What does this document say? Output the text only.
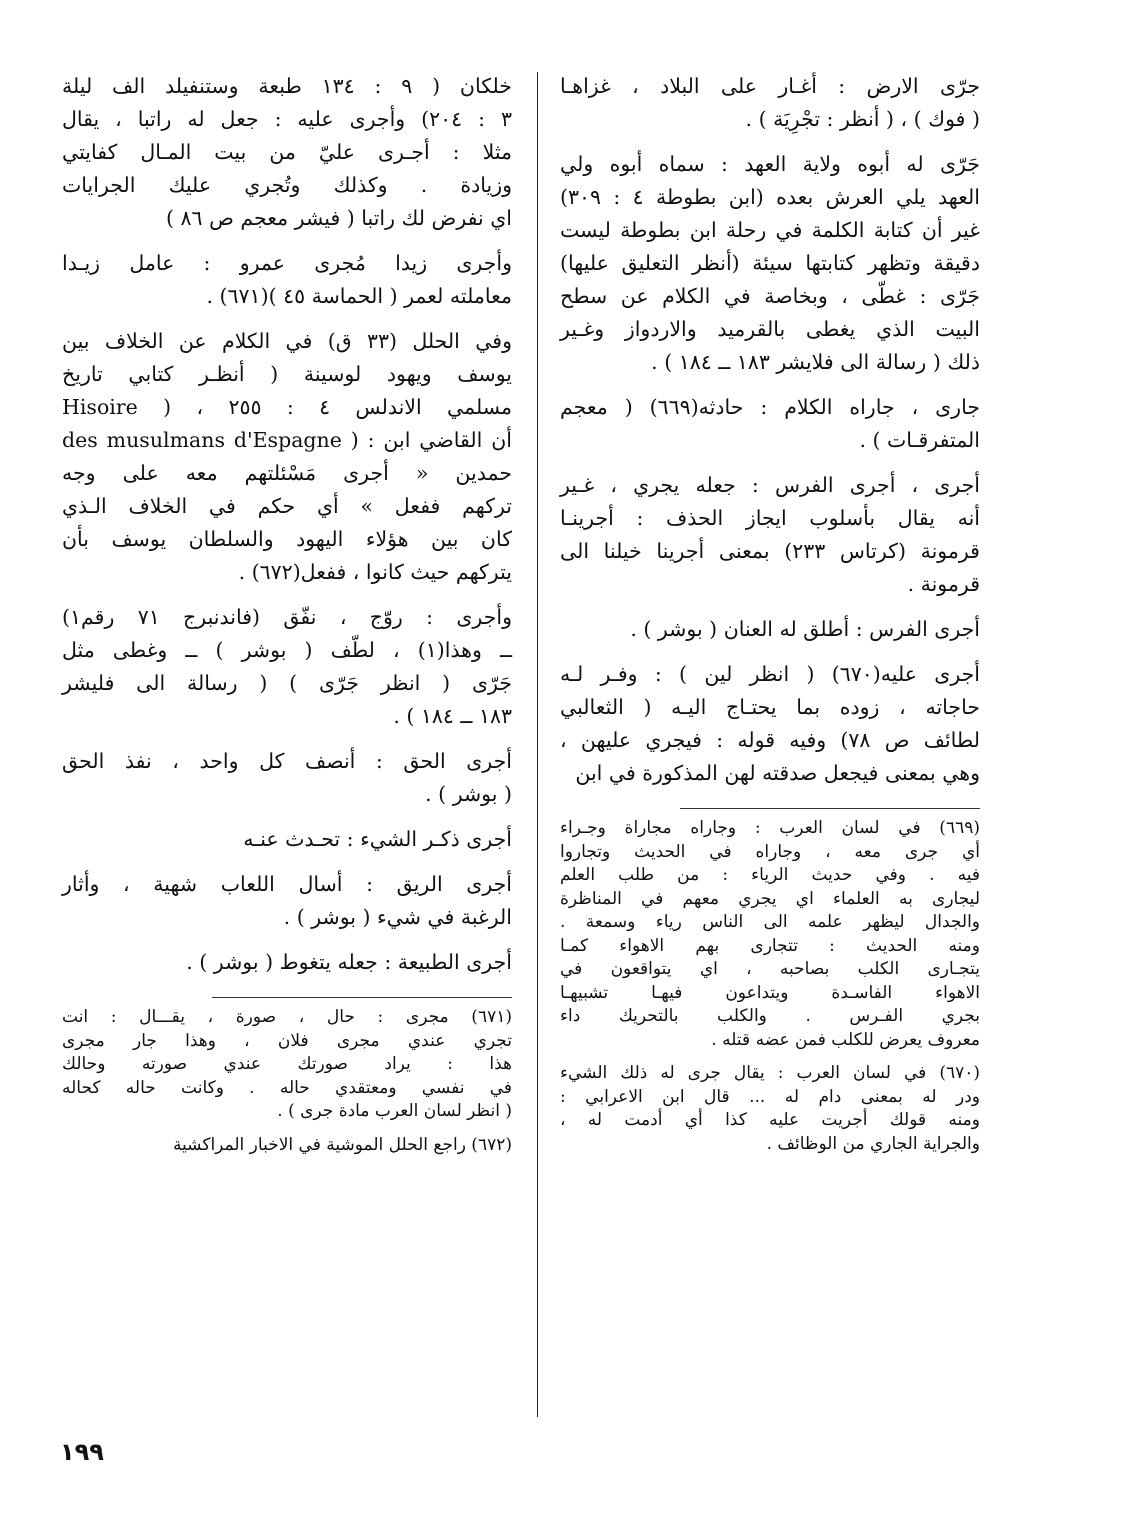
جرّى الارض : أغـار على البلاد ، غزاهـا
( فوك ) ، ( أنظر : تجْرِيَة ) .
جَرّى له أبوه ولاية العهد : سماه أبوه ولي
العهد يلي العرش بعده (ابن بطوطة ٤ : ٣٠٩)
غير أن كتابة الكلمة في رحلة ابن بطوطة ليست
دقيقة وتظهر كتابتها سيئة (أنظر التعليق عليها)
جَرّى : غطّى ، وبخاصة في الكلام عن سطح
البيت الذي يغطى بالقرميد والاردواز وغـير
ذلك ( رسالة الى فلايشر ١٨٣ ــ ١٨٤ ) .
جارى ، جاراه الكلام : حادثه(٦٦٩) ( معجم
المتفرقـات ) .
أجرى ، أجرى الفرس : جعله يجري ، غـير
أنه يقال بأسلوب ايجاز الحذف : أجرينـا
قرمونة (كرتاس ٢٣٣) بمعنى أجرينا خيلنا الى
قرمونة .
أجرى الفرس : أطلق له العنان ( بوشر ) .
أجرى عليه(٦٧٠) ( انظر لين ) : وفـر لـه
حاجاته ، زوده بما يحتـاج اليـه ( الثعالبي
لطائف ص ٧٨) وفيه قوله : فيجري عليهن ،
وهي بمعنى فيجعل صدقته لهن المذكورة في ابن
(٦٦٩) في لسان العرب : وجاراه مجاراة وجـراء
أي جرى معه ، وجاراه في الحديث وتجاروا
فيه . وفي حديث الرياء : من طلب العلم
ليجارى به العلماء اي يجري معهم في المناظرة
والجدال ليظهر علمه الى الناس رياء وسمعة .
ومنه الحديث : تتجارى بهم الاهواء كمـا
يتجـارى الكلب بصاحبه ، اي يتواقعون في
الاهواء الفاسـدة ويتداعون فيهـا تشبيهـا
بجري الفـرس . والكلب بالتحريك داء
معروف يعرض للكلب فمن عضه قتله .
(٦٧٠) في لسان العرب : يقال جرى له ذلك الشيء
ودر له بمعنى دام له ... قال ابن الاعرابي :
ومنه قولك أجريت عليه كذا أي أدمت له ،
والجراية الجاري من الوظائف .
خلكان ( ٩ : ١٣٤ طبعة وستنفيلد الف ليلة
٣ : ٢٠٤) وأجرى عليه : جعل له راتبا ، يقال
مثلا : أجـرى عليّ من بيت المـال كفايتي
وزيادة . وكذلك وتُجري عليك الجرايات
اي نفرض لك راتبا ( فيشر معجم ص ٨٦ )
وأجرى زيدا مُجرى عمرو : عامل زيـدا
معاملته لعمر ( الحماسة ٤٥ )(٦٧١) .
وفي الحلل (٣٣ ق) في الكلام عن الخلاف بين
يوسف ويهود لوسينة ( أنظـر كتابي تاريخ
مسلمي الاندلس ٤ : ٢٥٥ ، ( Hisoire
des musulmans d'Espagne ) : أن القاضي ابن
حمدين « أجرى مَسْئلتهم معه على وجه
تركهم ففعل » أي حكم في الخلاف الـذي
كان بين هؤلاء اليهود والسلطان يوسف بأن
يتركهم حيث كانوا ، ففعل(٦٧٢) .
وأجرى : روّج ، نفّق (فاندنبرج ٧١ رقم١)
ــ وهذا(١) ، لطّف ( بوشر ) ــ وغطى مثل
جَرّى ( انظر جَرّى ) ( رسالة الى فليشر
١٨٣ ــ ١٨٤ ) .
أجرى الحق : أنصف كل واحد ، نفذ الحق
( بوشر ) .
أجرى ذكـر الشيء : تحـدث عنـه
أجرى الريق : أسال اللعاب شهية ، وأثار
الرغبة في شيء ( بوشر ) .
أجرى الطبيعة : جعله يتغوط ( بوشر ) .
(٦٧١) مجرى : حال ، صورة ، يقـــال : انت
تجري عندي مجرى فلان ، وهذا جار مجرى
هذا : يراد صورتك عندي صورته وحالك
في نفسي ومعتقدي حاله . وكانت حاله كحاله
( انظر لسان العرب مادة جرى ) .
(٦٧٢) راجع الحلل الموشية في الاخبار المراكشية
١٩٩
